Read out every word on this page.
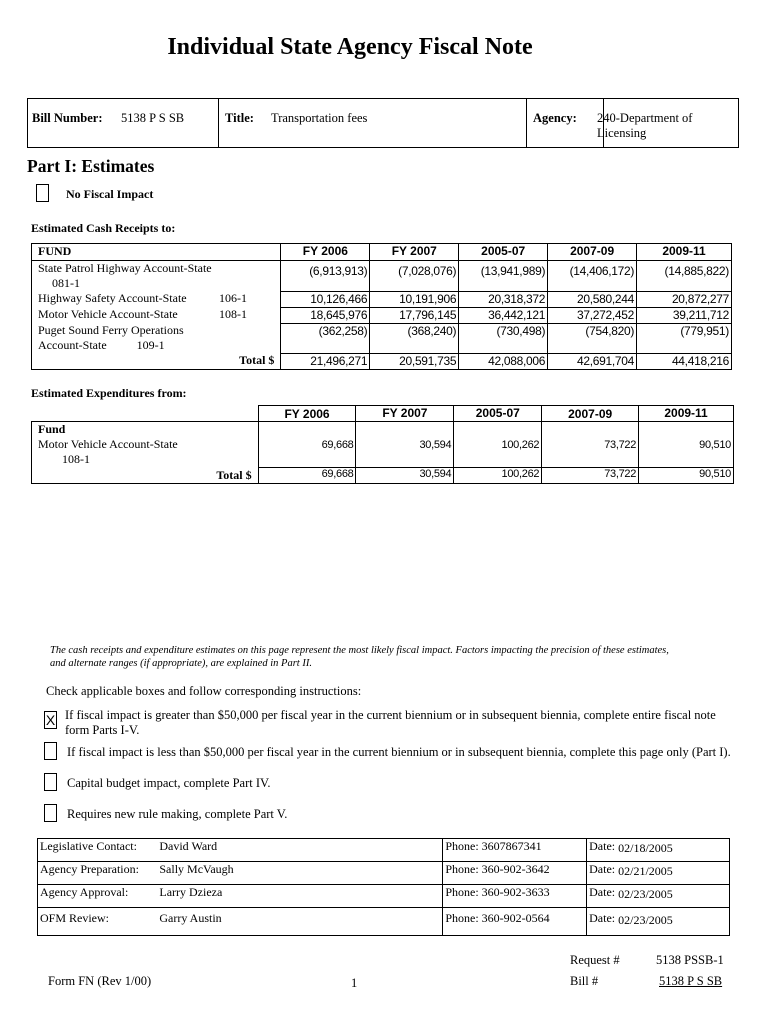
Individual State Agency Fiscal Note
Bill Number: 5138 P S SB	Title: Transportation fees	Agency: 240-Department of
Licensing
Part I: Estimates
No Fiscal Impact
Estimated Cash Receipts to:
FUND	FY 2006	FY 2007	2005-07	2007-09	2009-11

State Patrol Highway Account-State
081-1	(6,913,913)	(7,028,076)	(13,941,989)	(14,406,172)	(14,885,822)
Highway Safety Account-State 106-1	10,126,466	10,191,906	20,318,372	20,580,244	20,872,277
Motor Vehicle Account-State 108-1	18,645,976	17,796,145	36,442,121	37,272,452	39,211,712

Puget Sound Ferry Operations
Account-State 109-1	(362,258)	(368,240)	(730,498)	(754,820)	(779,951)
Total $	21,496,271	20,591,735	42,088,006	42,691,704	44,418,216
Estimated Expenditures from:
	FY 2006	FY 2007	2005-07	2007-09	2009-11

Fund
Motor Vehicle Account-State
108-1	69,668	30,594	100,262	73,722	90,510
Total $	69,668	30,594	100,262	73,722	90,510
The cash receipts and expenditure estimates on this page represent the most likely fiscal impact. Factors impacting the precision of these estimates,
and alternate ranges (if appropriate), are explained in Part II.
Check applicable boxes and follow corresponding instructions:
X If fiscal impact is greater than $50,000 per fiscal year in the current biennium or in subsequent biennia, complete entire fiscal note
form Parts I-V.
If fiscal impact is less than $50,000 per fiscal year in the current biennium or in subsequent biennia, complete this page only (Part I).
Capital budget impact, complete Part IV.
Requires new rule making, complete Part V.
Legislative Contact:	David Ward	Phone: 3607867341	Date: 02/18/2005
Agency Preparation:	Sally McVaugh	Phone: 360-902-3642	Date: 02/21/2005
Agency Approval:	Larry Dzieza	Phone: 360-902-3633	Date: 02/23/2005
OFM Review:	Garry Austin	Phone: 360-902-0564	Date: 02/23/2005
Request #	5138 PSSB-1
Form FN (Rev 1/00)	1	Bill #	5138 P S SB
